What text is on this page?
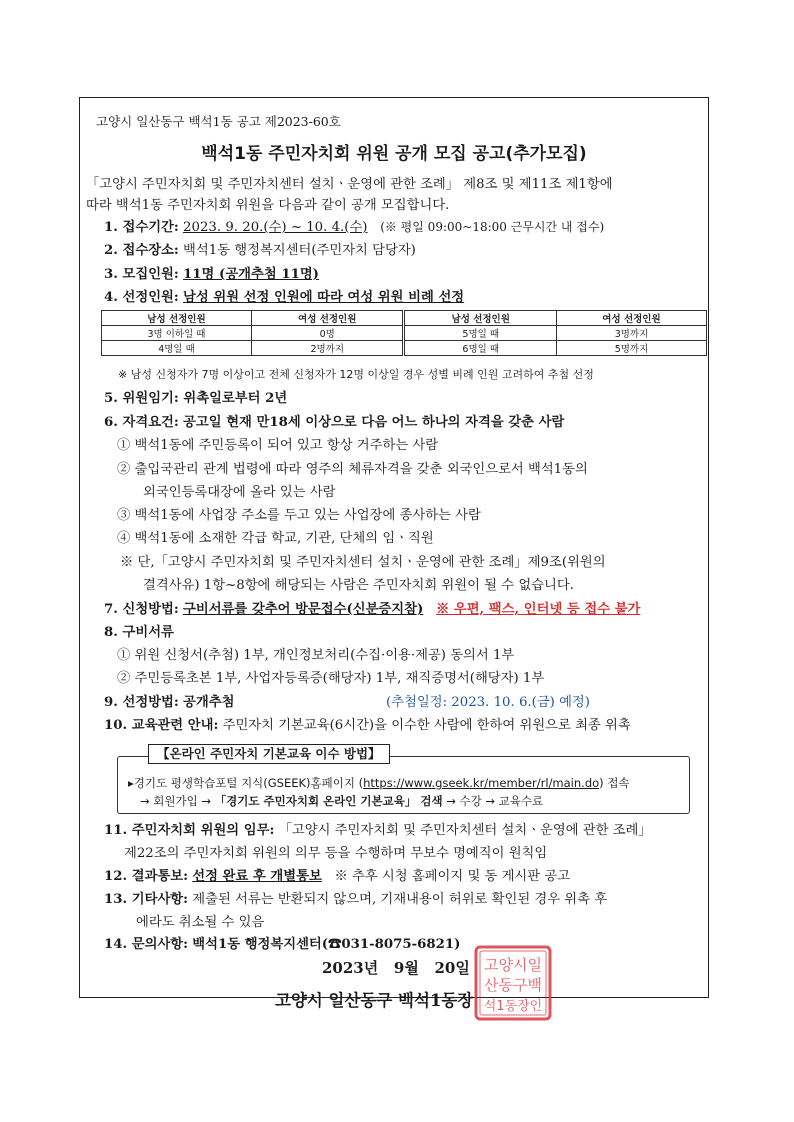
고양시 일산동구 백석1동 공고 제2023-60호
백석1동 주민자치회 위원 공개 모집 공고(추가모집)
「고양시 주민자치회 및 주민자치센터 설치ㆍ운영에 관한 조례」 제8조 및 제11조 제1항에
따라 백석1동 주민자치회 위원을 다음과 같이 공개 모집합니다.
1. 접수기간: 2023. 9. 20.(수) ~ 10. 4.(수) (※ 평일 09:00~18:00 근무시간 내 접수)
2. 접수장소: 백석1동 행정복지센터(주민자치 담당자)
3. 모집인원: 11명 (공개추첨 11명)
4. 선정인원: 남성 위원 선정 인원에 따라 여성 위원 비례 선정
남성 선정인원	여성 선정인원	남성 선정인원	여성 선정인원
3명 이하일 때	0명	5명일 때	3명까지
4명일 때	2명까지	6명일 때	5명까지
※ 남성 신청자가 7명 이상이고 전체 신청자가 12명 이상일 경우 성별 비례 인원 고려하여 추첨 선정
5. 위원임기: 위촉일로부터 2년
6. 자격요건: 공고일 현재 만18세 이상으로 다음 어느 하나의 자격을 갖춘 사람
① 백석1동에 주민등록이 되어 있고 항상 거주하는 사람
② 출입국관리 관계 법령에 따라 영주의 체류자격을 갖춘 외국인으로서 백석1동의
외국인등록대장에 올라 있는 사람
③ 백석1동에 사업장 주소를 두고 있는 사업장에 종사하는 사람
④ 백석1동에 소재한 각급 학교, 기관, 단체의 임ㆍ직원
※ 단,「고양시 주민자치회 및 주민자치센터 설치ㆍ운영에 관한 조례」제9조(위원의
결격사유) 1항~8항에 해당되는 사람은 주민자치회 위원이 될 수 없습니다.
7. 신청방법: 구비서류를 갖추어 방문접수(신분증지참) ※ 우편, 팩스, 인터넷 등 접수 불가
8. 구비서류
① 위원 신청서(추첨) 1부, 개인정보처리(수집·이용·제공) 동의서 1부
② 주민등록초본 1부, 사업자등록증(해당자) 1부, 재직증명서(해당자) 1부
9. 선정방법: 공개추첨	(추첨일정: 2023. 10. 6.(금) 예정)
10. 교육관련 안내: 주민자치 기본교육(6시간)을 이수한 사람에 한하여 위원으로 최종 위촉
▸경기도 평생학습포털 지식(GSEEK)홈페이지 (https://www.gseek.kr/member/rl/main.do) 접속
→ 회원가입 → 「경기도 주민자치회 온라인 기본교육」 검색 → 수강 → 교육수료
【온라인 주민자치 기본교육 이수 방법】
11. 주민자치회 위원의 임무: 「고양시 주민자치회 및 주민자치센터 설치ㆍ운영에 관한 조례」
제22조의 주민자치회 위원의 의무 등을 수행하며 무보수 명예직이 원칙임
12. 결과통보: 선정 완료 후 개별통보 ※ 추후 시청 홈페이지 및 동 게시판 공고
13. 기타사항: 제출된 서류는 반환되지 않으며, 기재내용이 허위로 확인된 경우 위촉 후
에라도 취소될 수 있음
14. 문의사항: 백석1동 행정복지센터(☎031-8075-6821)
고양시일
산동구백
석1동장인
2023년   9월   20일
고양시 일산동구 백석1동장
